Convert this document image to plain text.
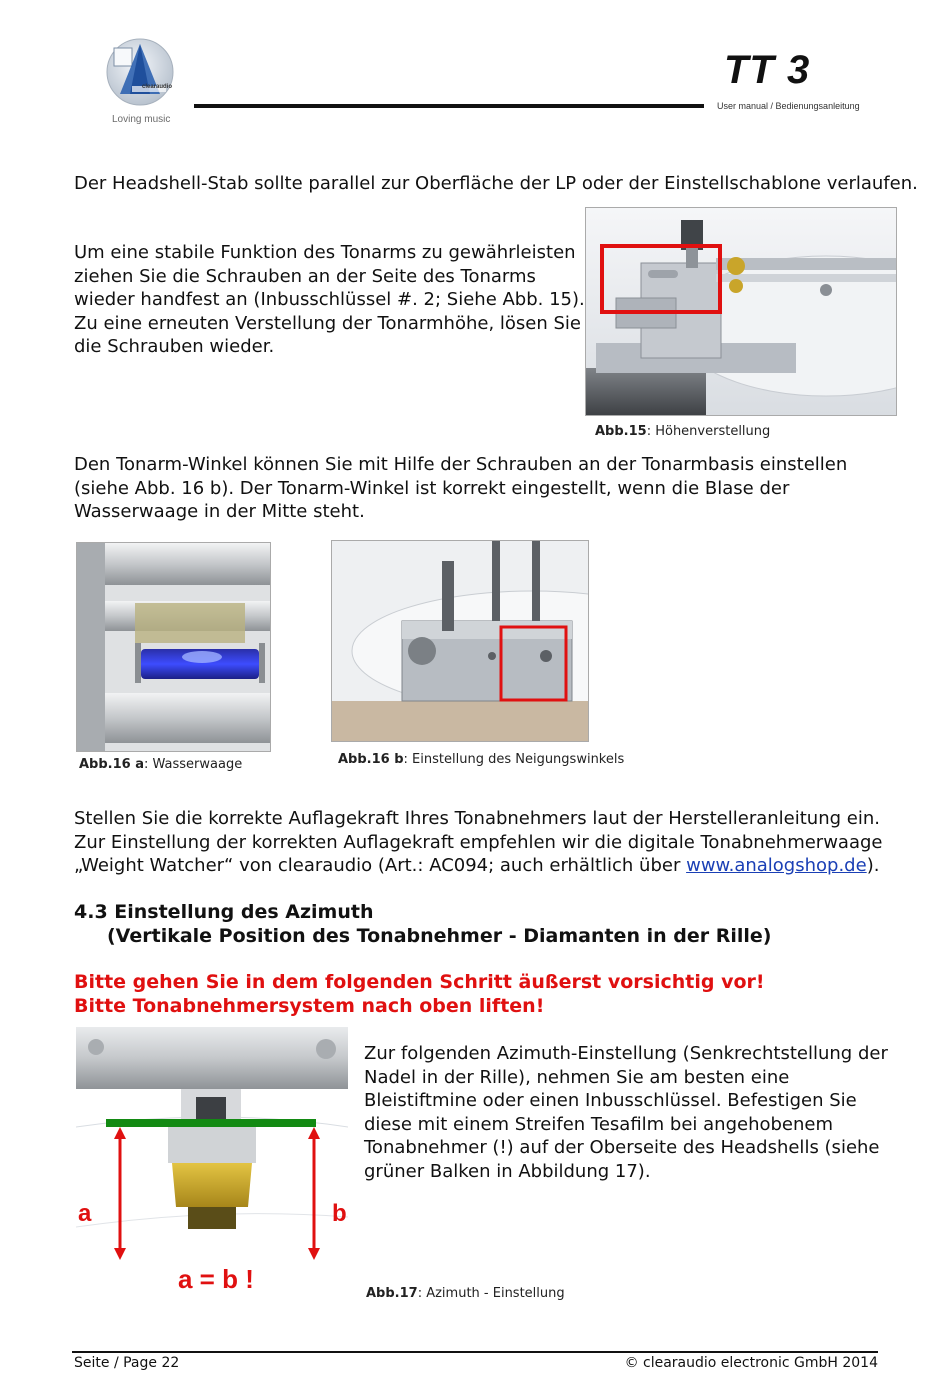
clearaudio
Loving music
TT 3
User manual / Bedienungsanleitung

Der Headshell-Stab sollte parallel zur Oberfläche der LP oder der Einstellschablone verlaufen.

Um eine stabile Funktion des Tonarms zu gewährleisten
ziehen Sie die Schrauben an der Seite des Tonarms
wieder handfest an (Inbusschlüssel #. 2; Siehe Abb. 15).
Zu eine erneuten Verstellung der Tonarmhöhe, lösen Sie
die Schrauben wieder.
Abb.15: Höhenverstellung
Den Tonarm-Winkel können Sie mit Hilfe der Schrauben an der Tonarmbasis einstellen
(siehe Abb. 16 b). Der Tonarm-Winkel ist korrekt eingestellt, wenn die Blase der
Wasserwaage in der Mitte steht.
Abb.16 a: Wasserwaage	Abb.16 b: Einstellung des Neigungswinkels
Stellen Sie die korrekte Auflagekraft Ihres Tonabnehmers laut der Herstelleranleitung ein.
Zur Einstellung der korrekten Auflagekraft empfehlen wir die digitale Tonabnehmerwaage
„Weight Watcher“ von clearaudio (Art.: AC094; auch erhältlich über www.analogshop.de).
4.3 Einstellung des Azimuth
(Vertikale Position des Tonabnehmer - Diamanten in der Rille)
Bitte gehen Sie in dem folgenden Schritt äußerst vorsichtig vor!
Bitte Tonabnehmersystem nach oben liften!
a	b
a = b !	Abb.17: Azimuth - Einstellung
Zur folgenden Azimuth-Einstellung (Senkrechtstellung der
Nadel in der Rille), nehmen Sie am besten eine
Bleistiftmine oder einen Inbusschlüssel. Befestigen Sie
diese mit einem Streifen Tesafilm bei angehobenem
Tonabnehmer (!) auf der Oberseite des Headshells (siehe
grüner Balken in Abbildung 17).
Seite / Page 22	© clearaudio electronic GmbH 2014
